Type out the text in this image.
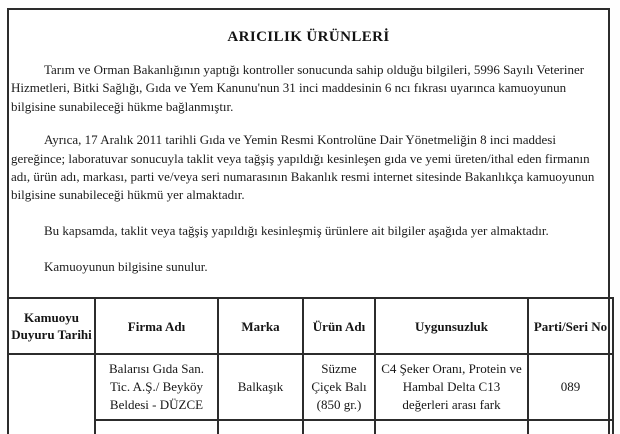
ARICILIK ÜRÜNLERİ

Tarım ve Orman Bakanlığının yaptığı kontroller sonucunda sahip olduğu bilgileri, 5996 Sayılı Veteriner Hizmetleri, Bitki Sağlığı, Gıda ve Yem Kanunu'nun 31 inci maddesinin 6 ncı fıkrası uyarınca kamuoyunun bilgisine sunabileceği hükme bağlanmıştır.

Ayrıca, 17 Aralık 2011 tarihli Gıda ve Yemin Resmi Kontrolüne Dair Yönetmeliğin 8 inci maddesi gereğince; laboratuvar sonucuyla taklit veya tağşiş yapıldığı kesinleşen gıda ve yemi üreten/ithal eden firmanın adı, ürün adı, markası, parti ve/veya seri numarasının Bakanlık resmi internet sitesinde Bakanlıkça kamuoyunun bilgisine sunabileceği hükmü yer almaktadır.

Bu kapsamda, taklit veya tağşiş yapıldığı kesinleşmiş ürünlere ait bilgiler aşağıda yer almaktadır.

Kamuoyunun bilgisine sunulur.

Kamuoyu Duyuru Tarihi	Firma Adı	Marka	Ürün Adı	Uygunsuzluk	Parti/Seri No
	Balarısı Gıda San. Tic. A.Ş./ Beyköy Beldesi - DÜZCE	Balkaşık	Süzme Çiçek Balı (850 gr.)	C4 Şeker Oranı, Protein ve Hambal Delta C13 değerleri arası fark	089
